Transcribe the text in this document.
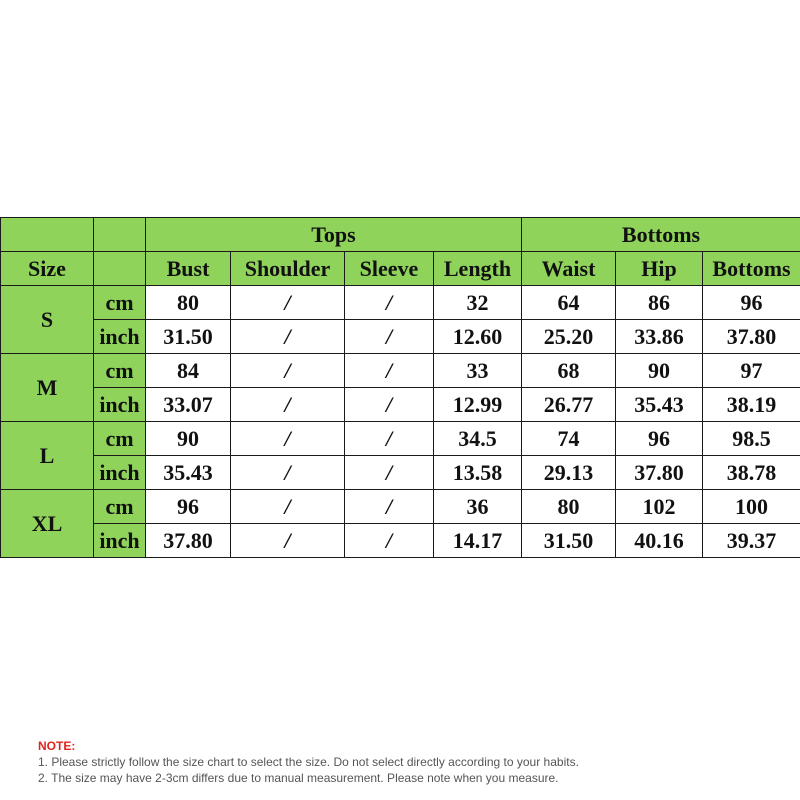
		Tops				Bottoms		
Size		Bust	Shoulder	Sleeve	Length	Waist	Hip	Bottoms
S	cm	80	/	/	32	64	86	96
	inch	31.50	/	/	12.60	25.20	33.86	37.80
M	cm	84	/	/	33	68	90	97
	inch	33.07	/	/	12.99	26.77	35.43	38.19
L	cm	90	/	/	34.5	74	96	98.5
	inch	35.43	/	/	13.58	29.13	37.80	38.78
XL	cm	96	/	/	36	80	102	100
	inch	37.80	/	/	14.17	31.50	40.16	39.37
NOTE:
1. Please strictly follow the size chart to select the size. Do not select directly according to your habits.
2. The size may have 2-3cm differs due to manual measurement. Please note when you measure.
